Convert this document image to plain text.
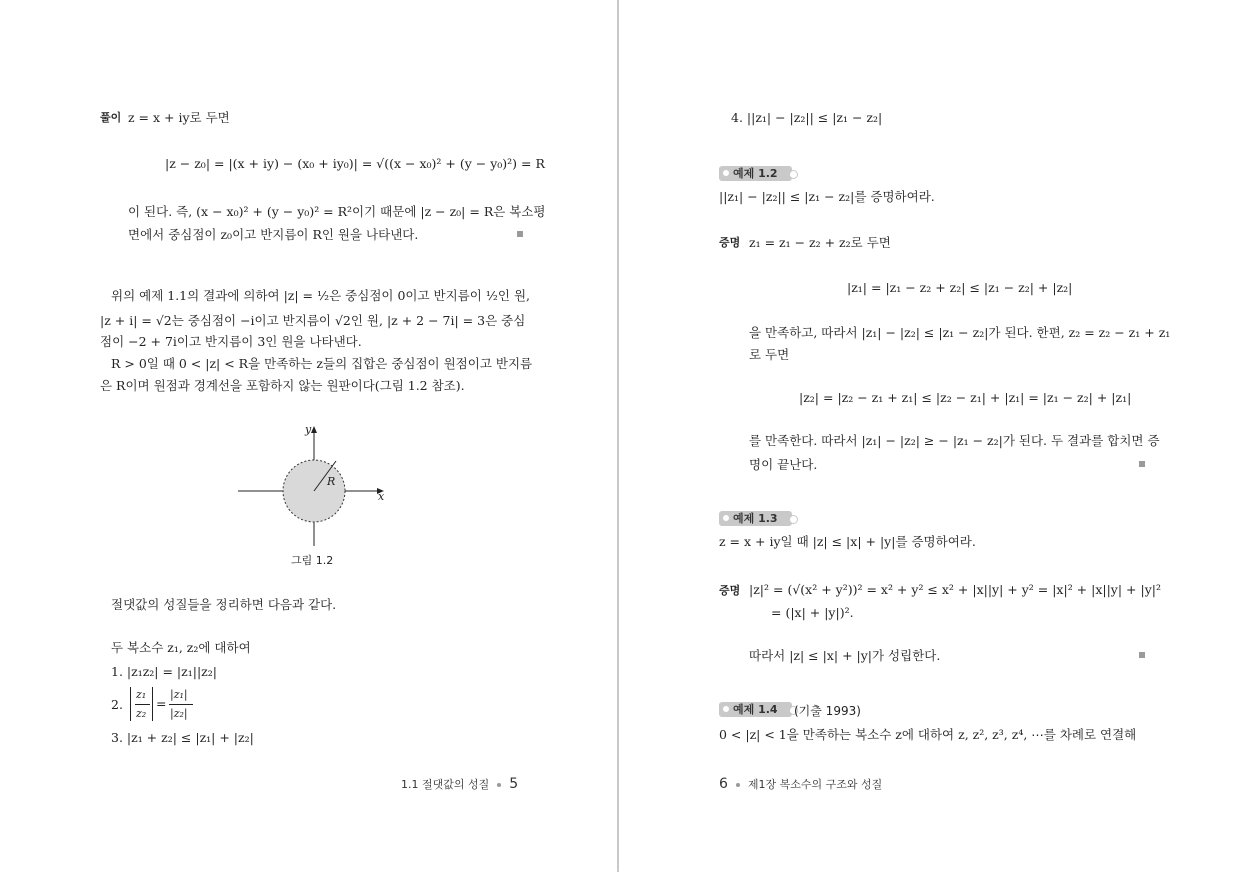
풀이 z = x + iy로 두면
|z − z₀| = |(x + iy) − (x₀ + iy₀)| = √((x − x₀)² + (y − y₀)²) = R
이 된다. 즉, (x − x₀)² + (y − y₀)² = R²이기 때문에 |z − z₀| = R은 복소평
면에서 중심점이 z₀이고 반지름이 R인 원을 나타낸다.
위의 예제 1.1의 결과에 의하여 |z| = ½은 중심점이 0이고 반지름이 ½인 원,
|z + i| = √2는 중심점이 −i이고 반지름이 √2인 원, |z + 2 − 7i| = 3은 중심
점이 −2 + 7i이고 반지름이 3인 원을 나타낸다.
R > 0일 때 0 < |z| < R을 만족하는 z들의 집합은 중심점이 원점이고 반지름
은 R이며 원점과 경계선을 포함하지 않는 원판이다(그림 1.2 참조).
y
x
R
그림 1.2
절댓값의 성질들을 정리하면 다음과 같다.
두 복소수 z₁, z₂에 대하여
1. |z₁z₂| = |z₁||z₂|
2.
z₁
z₂
=
|z₁|
|z₂|
3. |z₁ + z₂| ≤ |z₁| + |z₂|
1.1 절댓값의 성질 5
4. ||z₁| − |z₂|| ≤ |z₁ − z₂|
예제 1.2
||z₁| − |z₂|| ≤ |z₁ − z₂|를 증명하여라.
증명 z₁ = z₁ − z₂ + z₂로 두면
|z₁| = |z₁ − z₂ + z₂| ≤ |z₁ − z₂| + |z₂|
을 만족하고, 따라서 |z₁| − |z₂| ≤ |z₁ − z₂|가 된다. 한편, z₂ = z₂ − z₁ + z₁
로 두면
|z₂| = |z₂ − z₁ + z₁| ≤ |z₂ − z₁| + |z₁| = |z₁ − z₂| + |z₁|
를 만족한다. 따라서 |z₁| − |z₂| ≥ − |z₁ − z₂|가 된다. 두 결과를 합치면 증
명이 끝난다.
예제 1.3
z = x + iy일 때 |z| ≤ |x| + |y|를 증명하여라.
증명 |z|² = (√(x² + y²))² = x² + y² ≤ x² + |x||y| + y² = |x|² + |x||y| + |y|²
= (|x| + |y|)².
따라서 |z| ≤ |x| + |y|가 성립한다.
예제 1.4	(기출 1993)
0 < |z| < 1을 만족하는 복소수 z에 대하여 z, z², z³, z⁴, ⋯를 차례로 연결해
6 제1장 복소수의 구조와 성질
